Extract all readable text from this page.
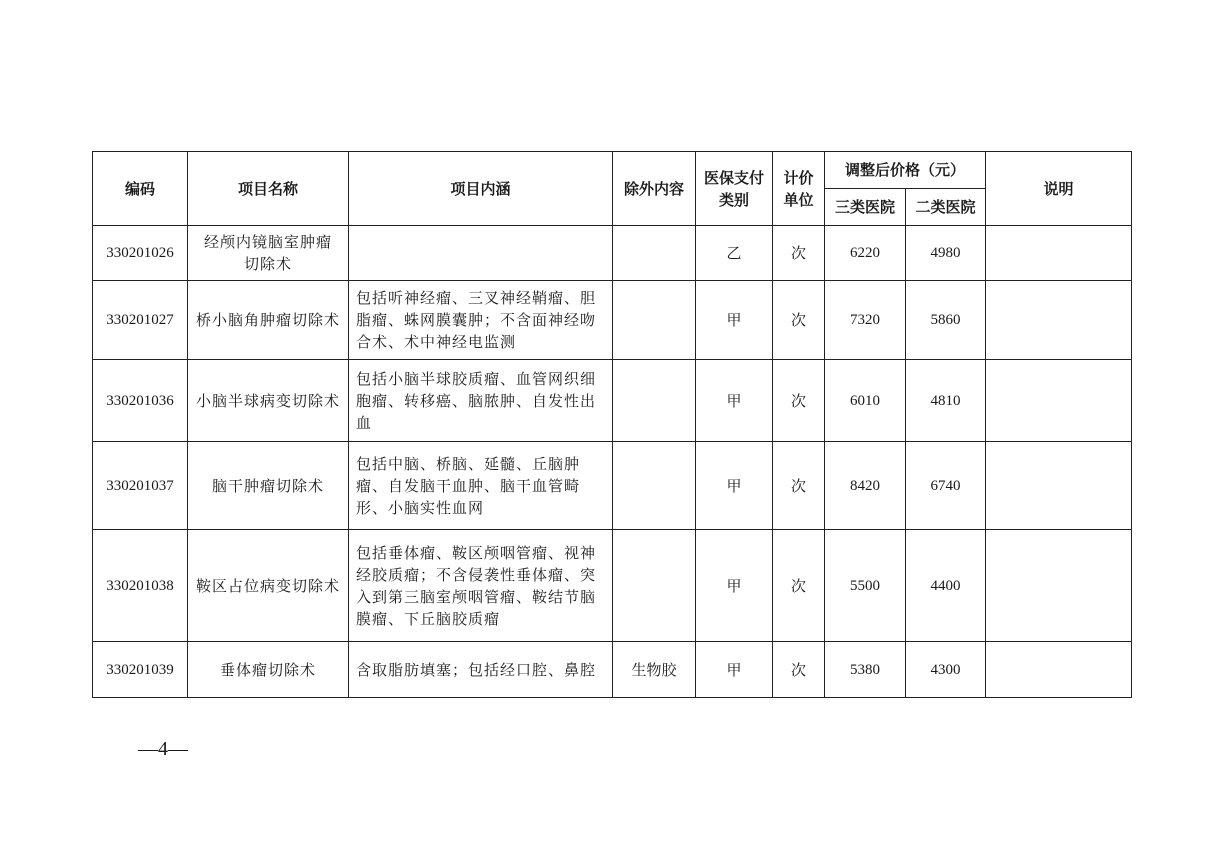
编码	项目名称	项目内涵	除外内容	医保支付类别	计价单位	调整后价格（元）		说明
						三类医院	二类医院	
330201026	经颅内镜脑室肿瘤切除术			乙	次	6220	4980	
330201027	桥小脑角肿瘤切除术	包括听神经瘤、三叉神经鞘瘤、胆脂瘤、蛛网膜囊肿；不含面神经吻合术、术中神经电监测		甲	次	7320	5860	
330201036	小脑半球病变切除术	包括小脑半球胶质瘤、血管网织细胞瘤、转移癌、脑脓肿、自发性出血		甲	次	6010	4810	
330201037	脑干肿瘤切除术	包括中脑、桥脑、延髓、丘脑肿瘤、自发脑干血肿、脑干血管畸形、小脑实性血网		甲	次	8420	6740	
330201038	鞍区占位病变切除术	包括垂体瘤、鞍区颅咽管瘤、视神经胶质瘤；不含侵袭性垂体瘤、突入到第三脑室颅咽管瘤、鞍结节脑膜瘤、下丘脑胶质瘤		甲	次	5500	4400	
330201039	垂体瘤切除术	含取脂肪填塞；包括经口腔、鼻腔	生物胶	甲	次	5380	4300	
—4—
